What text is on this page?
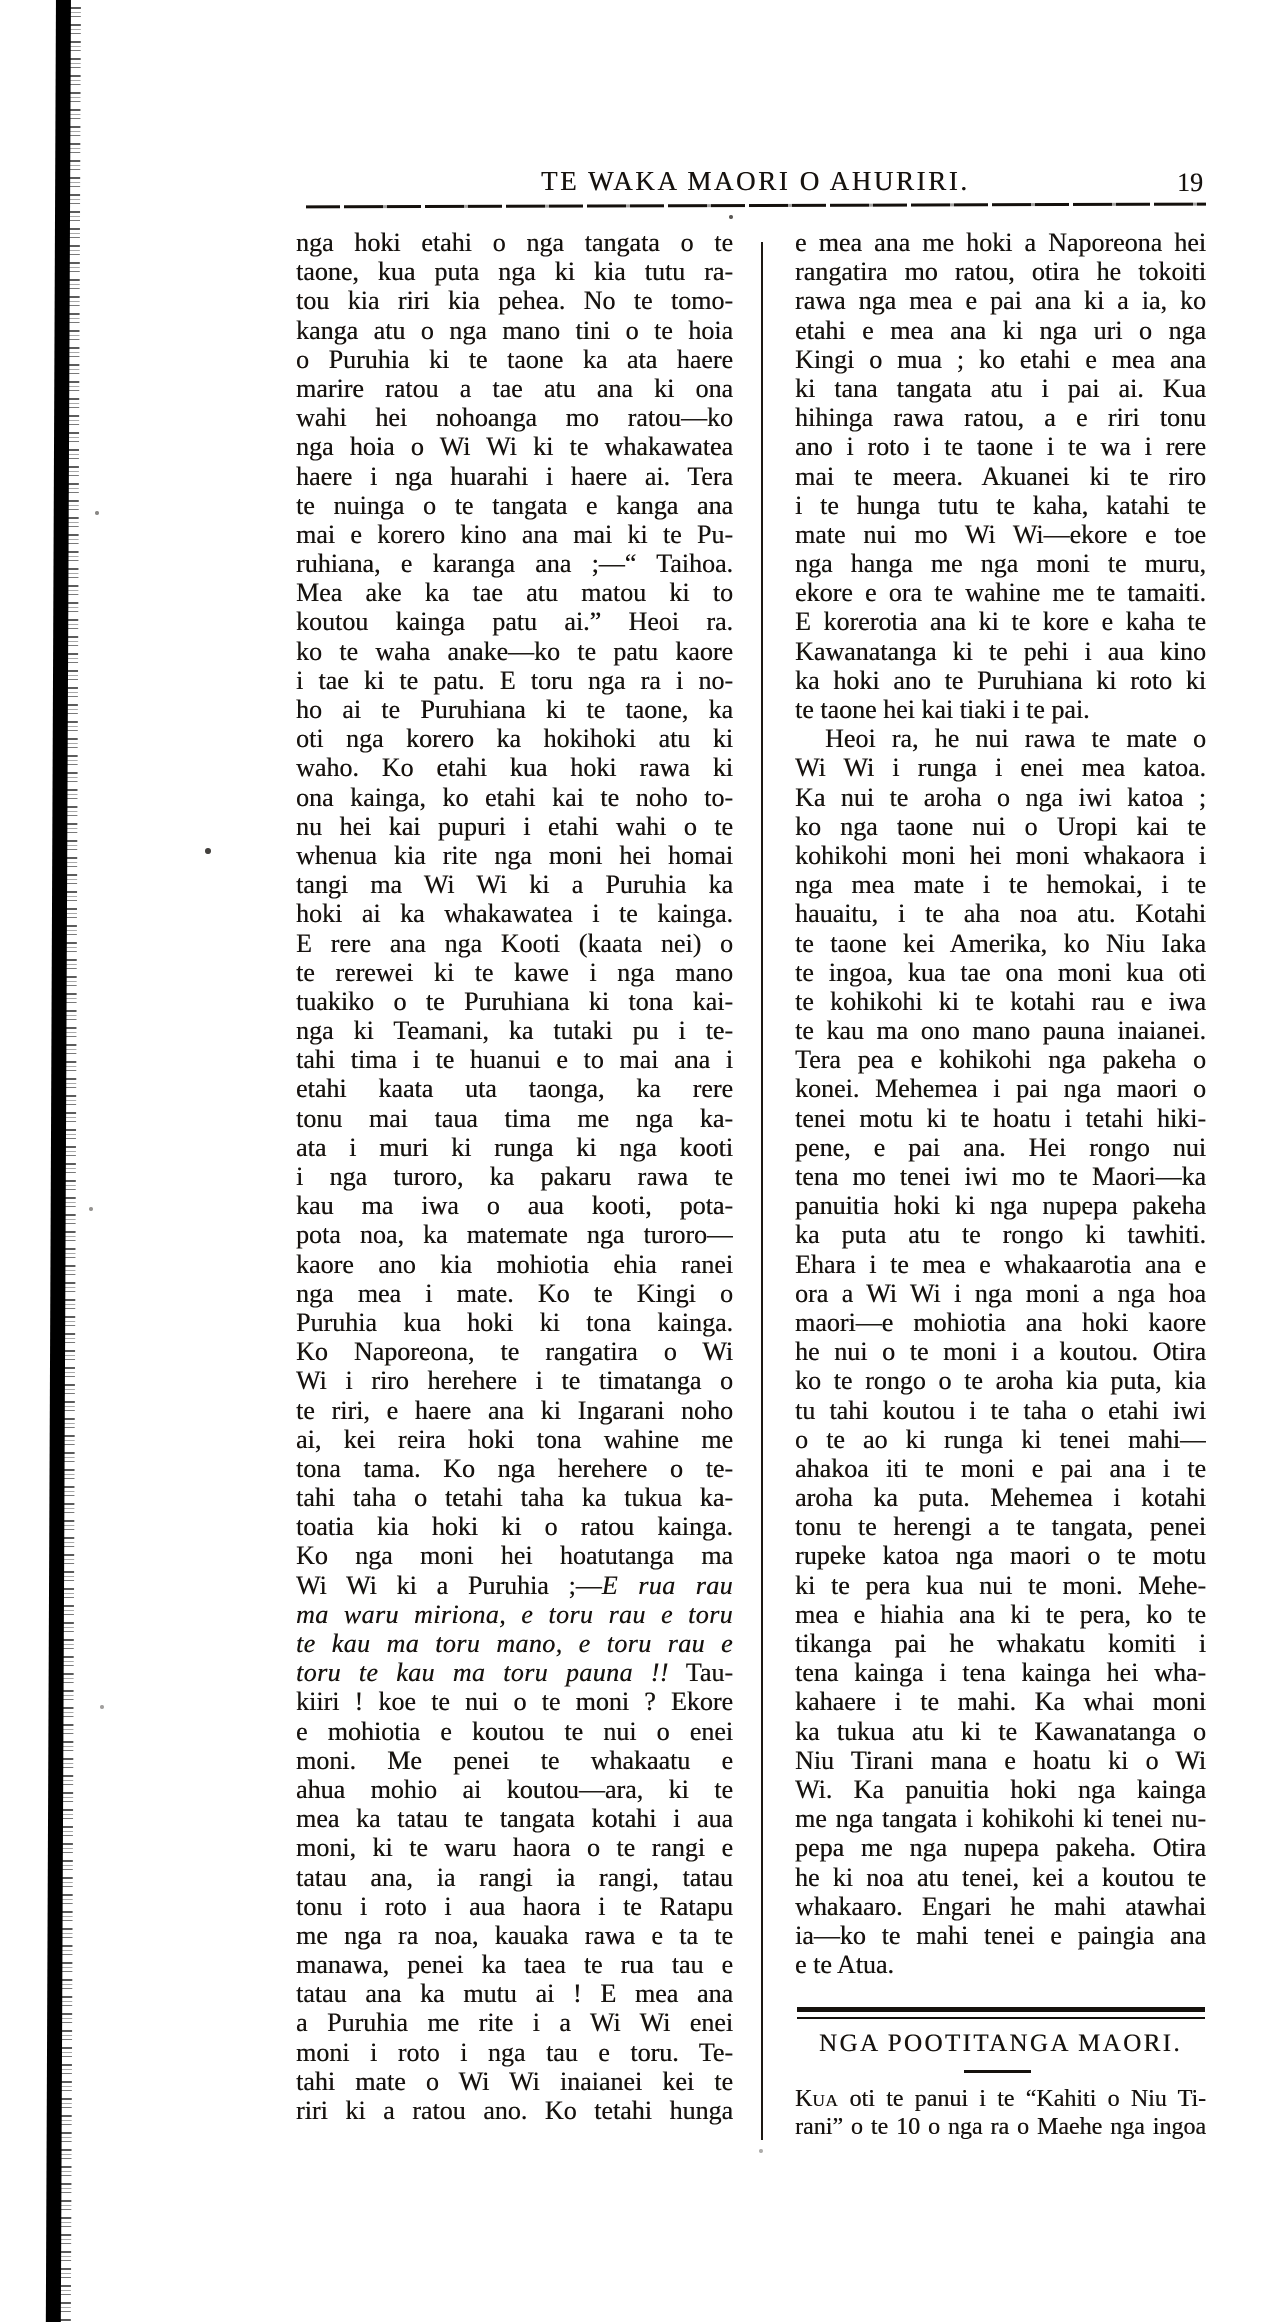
TE WAKA MAORI O AHURIRI.	19
nga hoki etahi o nga tangata o te
taone, kua puta nga ki kia tutu ra-
tou kia riri kia pehea. No te tomo-
kanga atu o nga mano tini o te hoia
o Puruhia ki te taone ka ata haere
marire ratou a tae atu ana ki ona
wahi hei nohoanga mo ratou—ko
nga hoia o Wi Wi ki te whakawatea
haere i nga huarahi i haere ai. Tera
te nuinga o te tangata e kanga ana
mai e korero kino ana mai ki te Pu-
ruhiana, e karanga ana ;—“ Taihoa.
Mea ake ka tae atu matou ki to
koutou kainga patu ai.” Heoi ra.
ko te waha anake—ko te patu kaore
i tae ki te patu. E toru nga ra i no-
ho ai te Puruhiana ki te taone, ka
oti nga korero ka hokihoki atu ki
waho. Ko etahi kua hoki rawa ki
ona kainga, ko etahi kai te noho to-
nu hei kai pupuri i etahi wahi o te
whenua kia rite nga moni hei homai
tangi ma Wi Wi ki a Puruhia ka
hoki ai ka whakawatea i te kainga.
E rere ana nga Kooti (kaata nei) o
te rerewei ki te kawe i nga mano
tuakiko o te Puruhiana ki tona kai-
nga ki Teamani, ka tutaki pu i te-
tahi tima i te huanui e to mai ana i
etahi kaata uta taonga, ka rere
tonu mai taua tima me nga ka-
ata i muri ki runga ki nga kooti
i nga turoro, ka pakaru rawa te
kau ma iwa o aua kooti, pota-
pota noa, ka matemate nga turoro—
kaore ano kia mohiotia ehia ranei
nga mea i mate. Ko te Kingi o
Puruhia kua hoki ki tona kainga.
Ko Naporeona, te rangatira o Wi
Wi i riro herehere i te timatanga o
te riri, e haere ana ki Ingarani noho
ai, kei reira hoki tona wahine me
tona tama. Ko nga herehere o te-
tahi taha o tetahi taha ka tukua ka-
toatia kia hoki ki o ratou kainga.
Ko nga moni hei hoatutanga ma
Wi Wi ki a Puruhia ;—E rua rau
ma waru miriona, e toru rau e toru
te kau ma toru mano, e toru rau e
toru te kau ma toru pauna !! Tau-
kiiri ! koe te nui o te moni ? Ekore
e mohiotia e koutou te nui o enei
moni. Me penei te whakaatu e
ahua mohio ai koutou—ara, ki te
mea ka tatau te tangata kotahi i aua
moni, ki te waru haora o te rangi e
tatau ana, ia rangi ia rangi, tatau
tonu i roto i aua haora i te Ratapu
me nga ra noa, kauaka rawa e ta te
manawa, penei ka taea te rua tau e
tatau ana ka mutu ai ! E mea ana
a Puruhia me rite i a Wi Wi enei
moni i roto i nga tau e toru. Te-
tahi mate o Wi Wi inaianei kei te
riri ki a ratou ano. Ko tetahi hunga
e mea ana me hoki a Naporeona hei
rangatira mo ratou, otira he tokoiti
rawa nga mea e pai ana ki a ia, ko
etahi e mea ana ki nga uri o nga
Kingi o mua ; ko etahi e mea ana
ki tana tangata atu i pai ai. Kua
hihinga rawa ratou, a e riri tonu
ano i roto i te taone i te wa i rere
mai te meera. Akuanei ki te riro
i te hunga tutu te kaha, katahi te
mate nui mo Wi Wi—ekore e toe
nga hanga me nga moni te muru,
ekore e ora te wahine me te tamaiti.
E korerotia ana ki te kore e kaha te
Kawanatanga ki te pehi i aua kino
ka hoki ano te Puruhiana ki roto ki
te taone hei kai tiaki i te pai.
Heoi ra, he nui rawa te mate o
Wi Wi i runga i enei mea katoa.
Ka nui te aroha o nga iwi katoa ;
ko nga taone nui o Uropi kai te
kohikohi moni hei moni whakaora i
nga mea mate i te hemokai, i te
hauaitu, i te aha noa atu. Kotahi
te taone kei Amerika, ko Niu Iaka
te ingoa, kua tae ona moni kua oti
te kohikohi ki te kotahi rau e iwa
te kau ma ono mano pauna inaianei.
Tera pea e kohikohi nga pakeha o
konei. Mehemea i pai nga maori o
tenei motu ki te hoatu i tetahi hiki-
pene, e pai ana. Hei rongo nui
tena mo tenei iwi mo te Maori—ka
panuitia hoki ki nga nupepa pakeha
ka puta atu te rongo ki tawhiti.
Ehara i te mea e whakaarotia ana e
ora a Wi Wi i nga moni a nga hoa
maori—e mohiotia ana hoki kaore
he nui o te moni i a koutou. Otira
ko te rongo o te aroha kia puta, kia
tu tahi koutou i te taha o etahi iwi
o te ao ki runga ki tenei mahi—
ahakoa iti te moni e pai ana i te
aroha ka puta. Mehemea i kotahi
tonu te herengi a te tangata, penei
rupeke katoa nga maori o te motu
ki te pera kua nui te moni. Mehe-
mea e hiahia ana ki te pera, ko te
tikanga pai he whakatu komiti i
tena kainga i tena kainga hei wha-
kahaere i te mahi. Ka whai moni
ka tukua atu ki te Kawanatanga o
Niu Tirani mana e hoatu ki o Wi
Wi. Ka panuitia hoki nga kainga
me nga tangata i kohikohi ki tenei nu-
pepa me nga nupepa pakeha. Otira
he ki noa atu tenei, kei a koutou te
whakaaro. Engari he mahi atawhai
ia—ko te mahi tenei e paingia ana
e te Atua.
NGA POOTITANGA MAORI.
KUA oti te panui i te “Kahiti o Niu Ti-
rani” o te 10 o nga ra o Maehe nga ingoa
